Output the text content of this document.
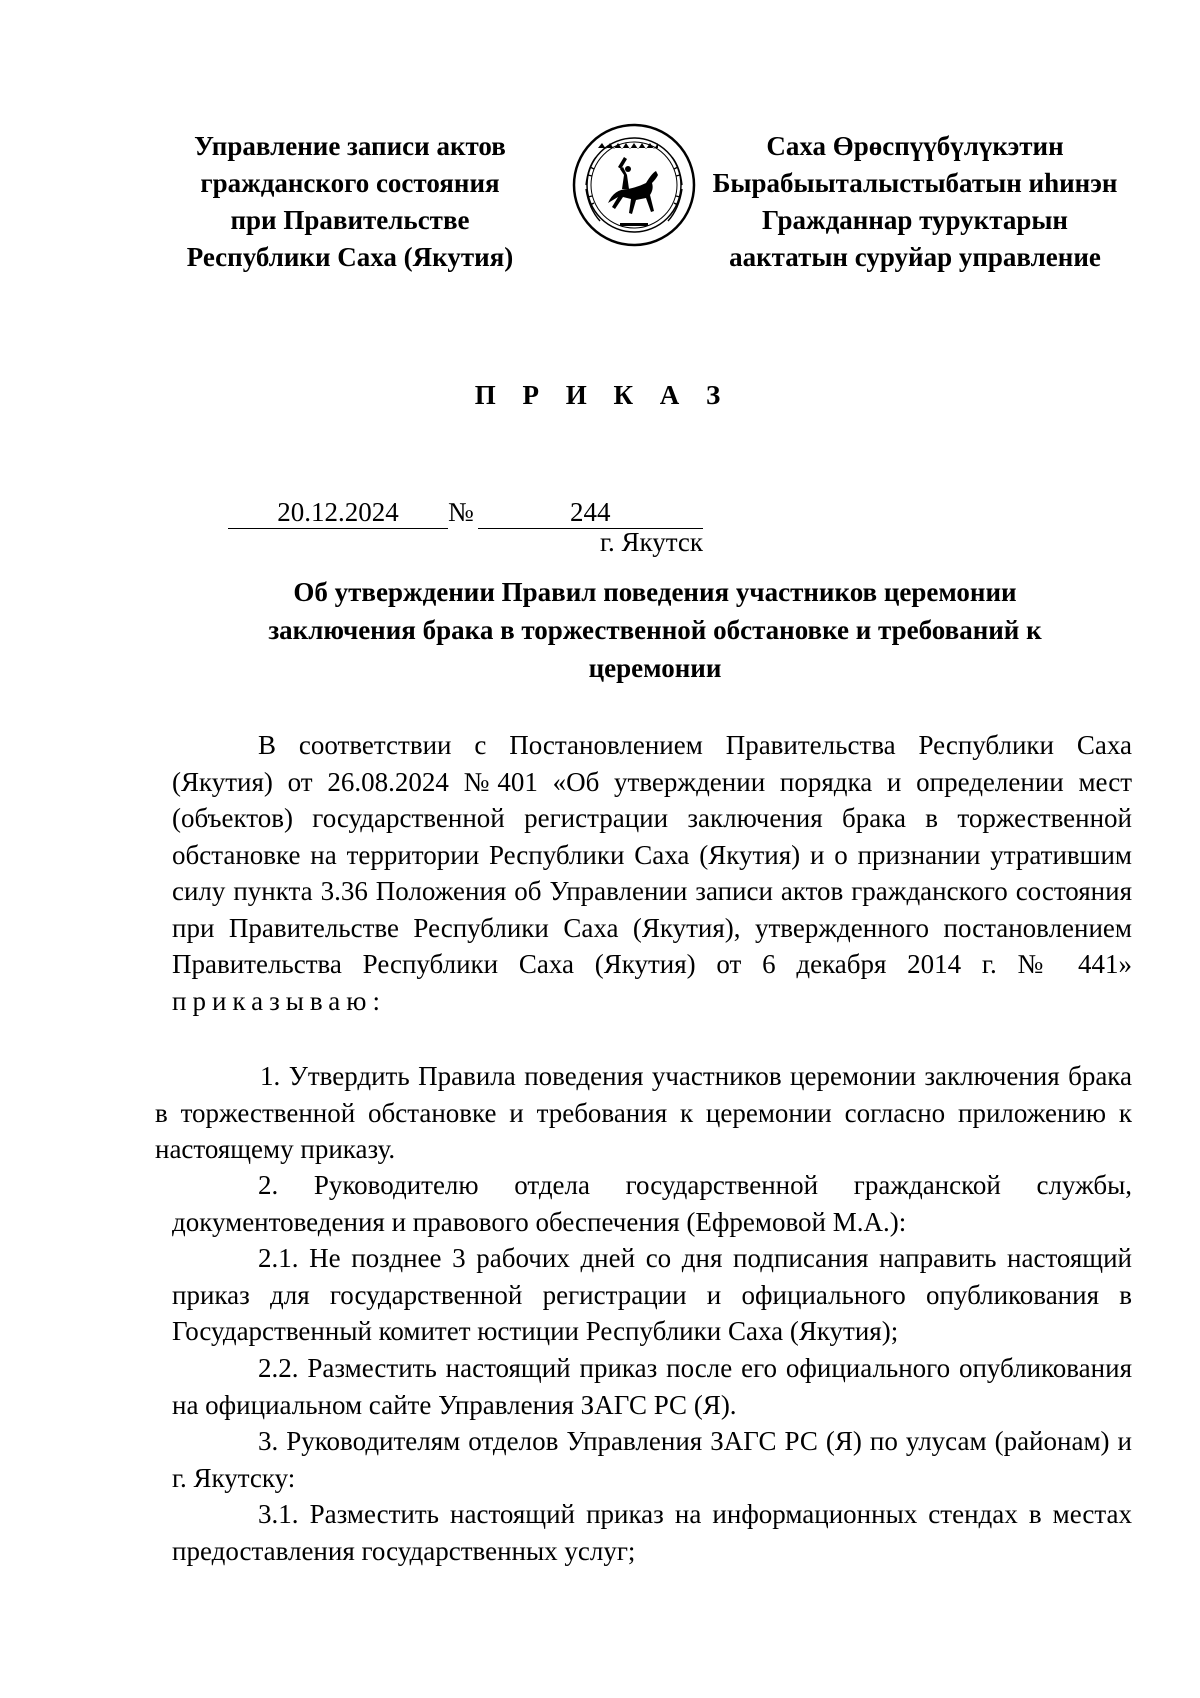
Управление записи актов
гражданского состояния
при Правительстве
Республики Саха (Якутия)
Саха Өрөспүүбүлүкэтин
Бырабыыталыстыбатын иһинэн
Гражданнар туруктарын
аактатын суруйар управление
П Р И К А З
20.12.2024	№	244
г. Якутск
Об утверждении Правил поведения участников церемонии
заключения брака в торжественной обстановке и требований к
церемонии

В соответствии с Постановлением Правительства Республики Саха (Якутия) от 26.08.2024 №401 «Об утверждении порядка и определении мест (объектов) государственной регистрации заключения брака в торжественной обстановке на территории Республики Саха (Якутия) и о признании утратившим силу пункта 3.36 Положения об Управлении записи актов гражданского состояния при Правительстве Республики Саха (Якутия), утвержденного постановлением Правительства Республики Саха (Якутия) от 6 декабря 2014 г. № 441» приказываю:

1. Утвердить Правила поведения участников церемонии заключения брака в торжественной обстановке и требования к церемонии согласно приложению к настоящему приказу.

2. Руководителю отдела государственной гражданской службы, документоведения и правового обеспечения (Ефремовой М.А.):

2.1. Не позднее 3 рабочих дней со дня подписания направить настоящий приказ для государственной регистрации и официального опубликования в Государственный комитет юстиции Республики Саха (Якутия);

2.2. Разместить настоящий приказ после его официального опубликования на официальном сайте Управления ЗАГС РС (Я).

3. Руководителям отделов Управления ЗАГС РС (Я) по улусам (районам) и г. Якутску:

3.1. Разместить настоящий приказ на информационных стендах в местах предоставления государственных услуг;
